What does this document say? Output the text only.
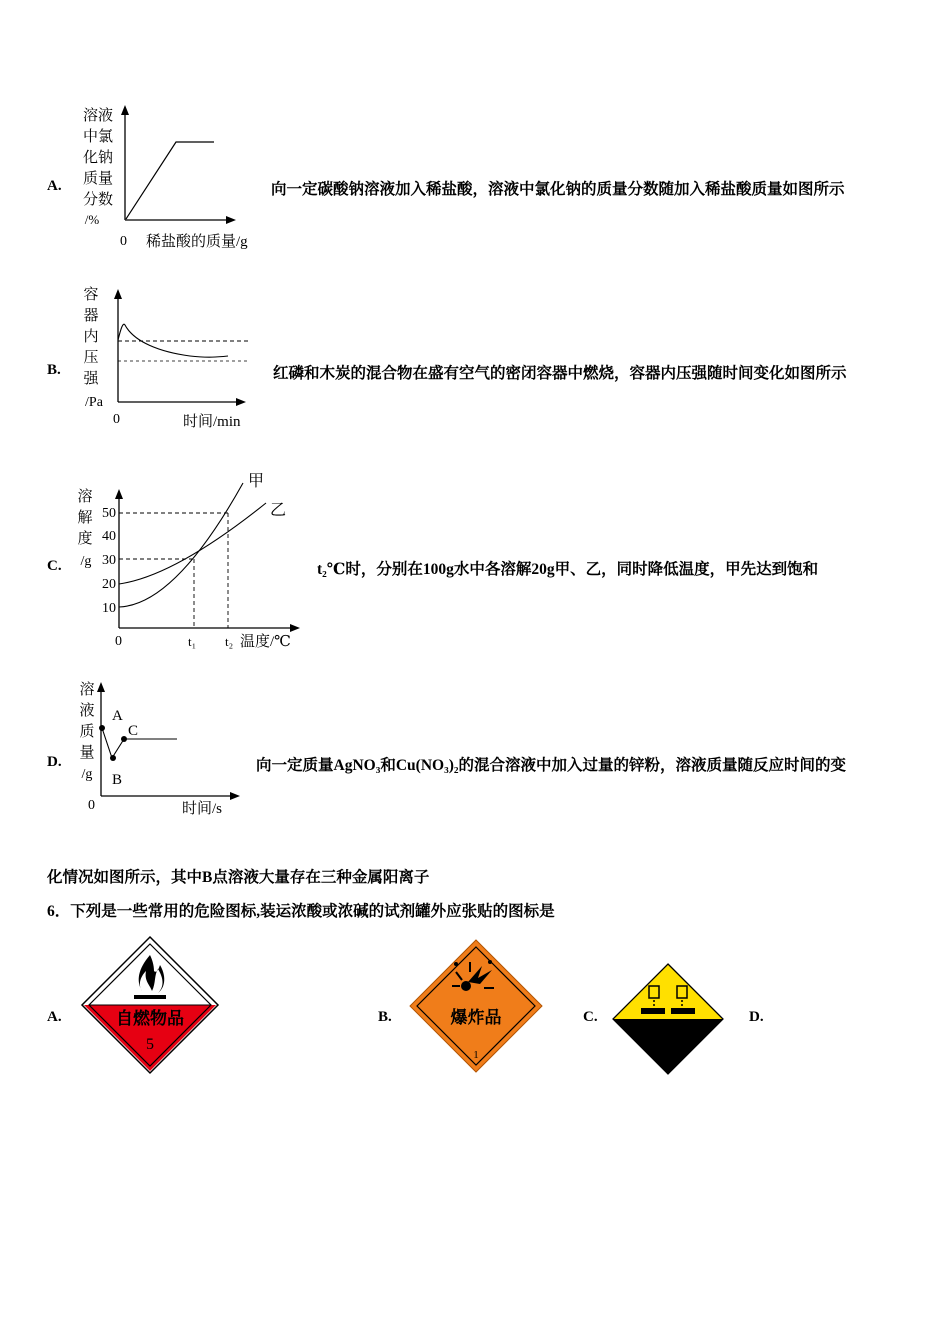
A.
溶液
中氯
化钠
质量
分数
/%
0 稀盐酸的质量/g
向一定碳酸钠溶液加入稀盐酸，溶液中氯化钠的质量分数随加入稀盐酸质量如图所示
B.
容
器
内
压
强
/Pa
0	时间/min
红磷和木炭的混合物在盛有空气的密闭容器中燃烧，容器内压强随时间变化如图所示
C.
溶
解
度
/g
50
40
30
20
10
甲
乙
0	t₁ t₂ 温度/℃
t₂℃时，分别在100g水中各溶解20g甲、乙，同时降低温度，甲先达到饱和
D.
溶
液
质
量
/g
A
B
C
0	时间/s
向一定质量AgNO₃和Cu(NO₃)₂的混合溶液中加入过量的锌粉，溶液质量随反应时间的变
化情况如图所示，其中B点溶液大量存在三种金属阳离子
6．下列是一些常用的危险图标,装运浓酸或浓碱的试剂罐外应张贴的图标是
A.	自燃物品
5
B.	爆炸品
1
C.
腐蚀品
D.
